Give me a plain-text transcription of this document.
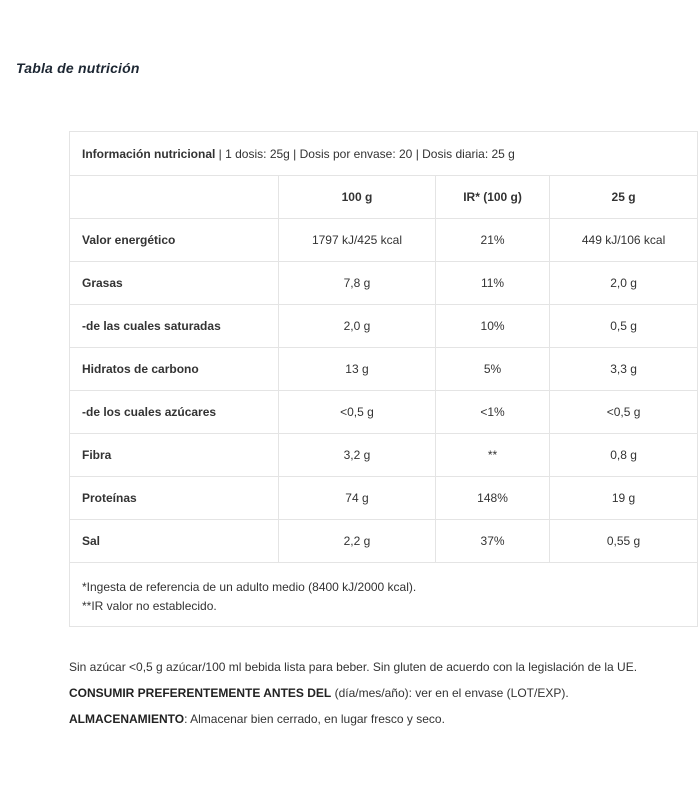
Tabla de nutrición
Información nutricional | 1 dosis: 25g | Dosis por envase: 20 | Dosis diaria: 25 g			
	100 g	IR* (100 g)	25 g
Valor energético	1797 kJ/425 kcal	21%	449 kJ/106 kcal
Grasas	7,8 g	11%	2,0 g
-de las cuales saturadas	2,0 g	10%	0,5 g
Hidratos de carbono	13 g	5%	3,3 g
-de los cuales azúcares	<0,5 g	<1%	<0,5 g
Fibra	3,2 g	**	0,8 g
Proteínas	74 g	148%	19 g
Sal	2,2 g	37%	0,55 g

*Ingesta de referencia de un adulto medio (8400 kJ/2000 kcal).
**IR valor no establecido.			

Sin azúcar <0,5 g azúcar/100 ml bebida lista para beber. Sin gluten de acuerdo con la legislación de la UE.

CONSUMIR PREFERENTEMENTE ANTES DEL (día/mes/año): ver en el envase (LOT/EXP).

ALMACENAMIENTO: Almacenar bien cerrado, en lugar fresco y seco.
